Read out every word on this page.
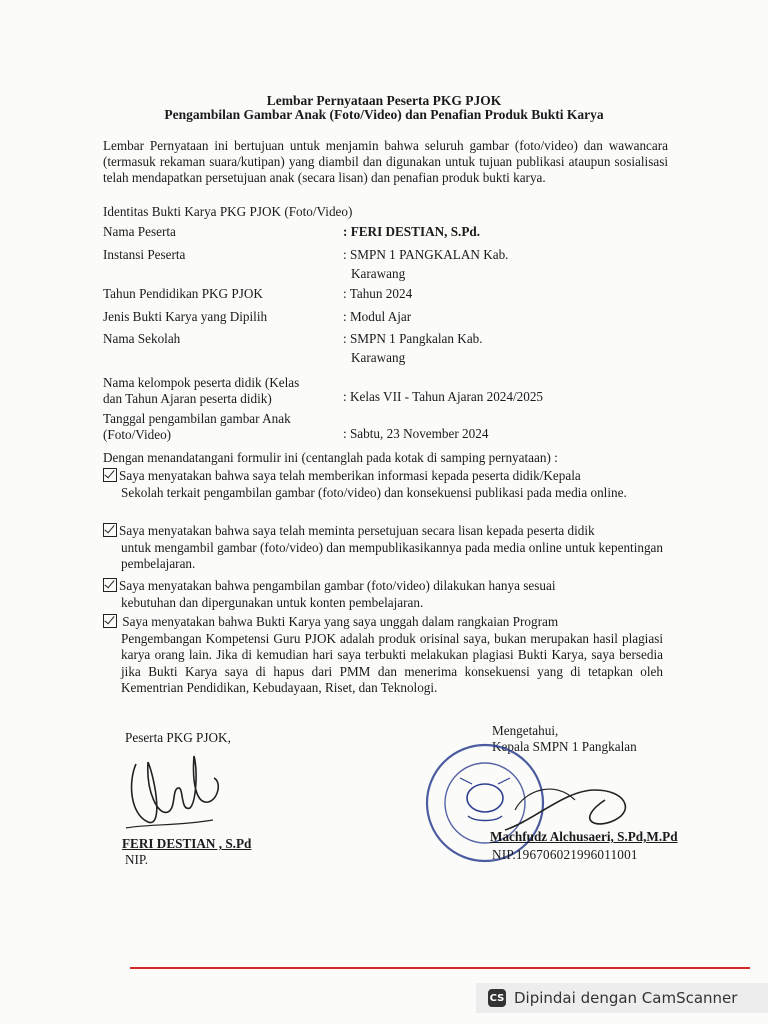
Lembar Pernyataan Peserta PKG PJOK
Pengambilan Gambar Anak (Foto/Video) dan Penafian Produk Bukti Karya
Lembar Pernyataan ini bertujuan untuk menjamin bahwa seluruh gambar (foto/video) dan wawancara (termasuk rekaman suara/kutipan) yang diambil dan digunakan untuk tujuan publikasi ataupun sosialisasi telah mendapatkan persetujuan anak (secara lisan) dan penafian produk bukti karya.
Identitas Bukti Karya PKG PJOK (Foto/Video)
Nama Peserta	: FERI DESTIAN, S.Pd.
Instansi Peserta	: SMPN 1 PANGKALAN Kab.
Karawang
Tahun Pendidikan PKG PJOK	: Tahun 2024
Jenis Bukti Karya yang Dipilih	: Modul Ajar
Nama Sekolah	: SMPN 1 Pangkalan Kab.
Karawang
Nama kelompok peserta didik (Kelas
dan Tahun Ajaran peserta didik)	: Kelas VII - Tahun Ajaran 2024/2025
Tanggal pengambilan gambar Anak
(Foto/Video)	: Sabtu, 23 November 2024
Dengan menandatangani formulir ini (centanglah pada kotak di samping pernyataan) :
Saya menyatakan bahwa saya telah memberikan informasi kepada peserta didik/Kepala
Sekolah terkait pengambilan gambar (foto/video) dan konsekuensi publikasi pada media online.
Saya menyatakan bahwa saya telah meminta persetujuan secara lisan kepada peserta didik
untuk mengambil gambar (foto/video) dan mempublikasikannya pada media online untuk kepentingan pembelajaran.
Saya menyatakan bahwa pengambilan gambar (foto/video) dilakukan hanya sesuai
kebutuhan dan dipergunakan untuk konten pembelajaran.
Saya menyatakan bahwa Bukti Karya yang saya unggah dalam rangkaian Program
Pengembangan Kompetensi Guru PJOK adalah produk orisinal saya, bukan merupakan hasil plagiasi karya orang lain. Jika di kemudian hari saya terbukti melakukan plagiasi Bukti Karya, saya bersedia jika Bukti Karya saya di hapus dari PMM dan menerima konsekuensi yang di tetapkan oleh Kementrian Pendidikan, Kebudayaan, Riset, dan Teknologi.
Peserta PKG PJOK,
FERI DESTIAN , S.Pd
NIP.
Mengetahui,
Kepala SMPN 1 Pangkalan
Machfudz Alchusaeri, S.Pd,M.Pd
NIP.196706021996011001
CS Dipindai dengan CamScanner
